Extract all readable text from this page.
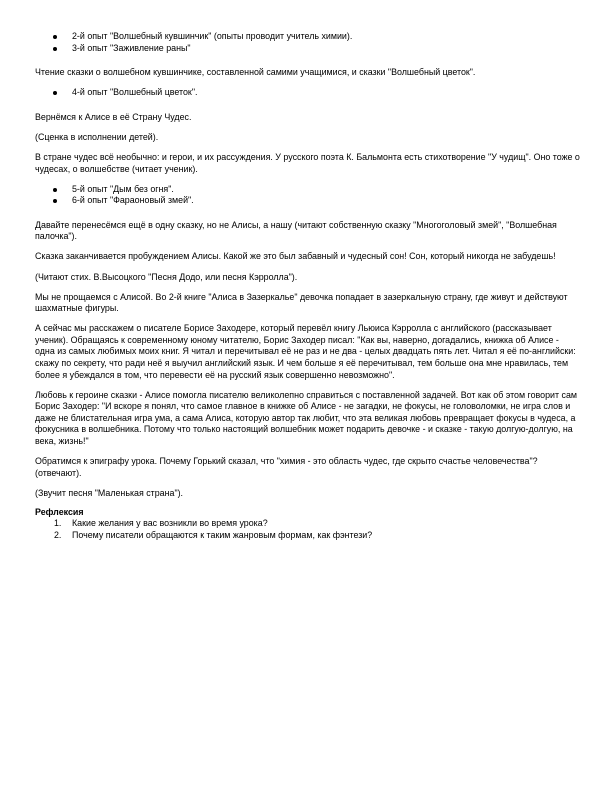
2-й опыт "Волшебный кувшинчик" (опыты проводит учитель химии).
3-й опыт "Заживление раны"

Чтение сказки о волшебном кувшинчике, составленной самими учащимися, и сказки "Волшебный цветок".

4-й опыт "Волшебный цветок".

Вернёмся к Алисе в её Страну Чудес.

(Сценка в исполнении детей).

В стране чудес всё необычно: и герои, и их рассуждения. У русского поэта К. Бальмонта есть стихотворение "У чудищ". Оно тоже о чудесах, о волшебстве (читает ученик).

5-й опыт "Дым без огня".
6-й опыт "Фараоновый змей".

Давайте перенесёмся ещё в одну сказку, но не Алисы, а нашу (читают собственную сказку "Многоголовый змей", "Волшебная палочка").

Сказка заканчивается пробуждением Алисы. Какой же это был забавный и чудесный сон! Сон, который никогда не забудешь!

(Читают стих. В.Высоцкого "Песня Додо, или песня Кэрролла").

Мы не прощаемся с Алисой. Во 2-й книге "Алиса в Зазеркалье" девочка попадает в зазеркальную страну, где живут и действуют шахматные фигуры.

А сейчас мы расскажем о писателе Борисе Заходере, который перевёл книгу Льюиса Кэрролла с английского (рассказывает ученик). Обращаясь к современному юному читателю, Борис Заходер писал: "Как вы, наверно, догадались, книжка об Алисе - одна из самых любимых моих книг. Я читал и перечитывал её не раз и не два - целых двадцать пять лет. Читал я её по-английски: скажу по секрету, что ради неё я выучил английский язык. И чем больше я её перечитывал, тем больше она мне нравилась, тем более я убеждался в том, что перевести её на русский язык совершенно невозможно".

Любовь к героине сказки - Алисе помогла писателю великолепно справиться с поставленной задачей. Вот как об этом говорит сам Борис Заходер: "И вскоре я понял, что самое главное в книжке об Алисе - не загадки, не фокусы, не головоломки, не игра слов и даже не блистательная игра ума, а сама Алиса, которую автор так любит, что эта великая любовь превращает фокусы в чудеса, а фокусника в волшебника. Потому что только настоящий волшебник может подарить девочке - и сказке - такую долгую-долгую, на века, жизнь!"

Обратимся к эпиграфу урока. Почему Горький сказал, что "химия - это область чудес, где скрыто счастье человечества"? (отвечают).

(Звучит песня "Маленькая страна").

Рефлексия

1. Какие желания у вас возникли во время урока?
2. Почему писатели обращаются к таким жанровым формам, как фэнтези?
